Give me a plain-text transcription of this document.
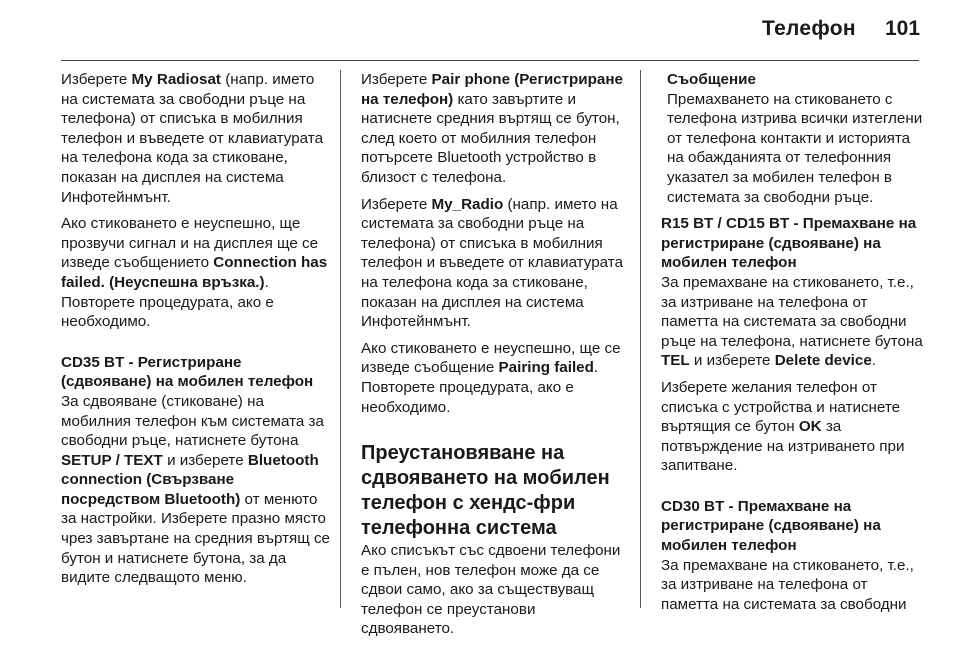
Телефон 101

Изберете My Radiosat (напр. името на системата за свободни ръце на телефона) от списъка в мобилния телефон и въведете от клавиатурата на телефона кода за стиковане, показан на дисплея на система Инфотейнмънт.

Ако стиковането е неуспешно, ще прозвучи сигнал и на дисплея ще се изведе съобщението Connection has failed. (Неуспешна връзка.). Повторете процедурата, ако е необходимо.

CD35 BT - Регистриране (сдвояване) на мобилен телефон

За сдвояване (стиковане) на мобилния телефон към системата за свободни ръце, натиснете бутона SETUP / TEXT и изберете Bluetooth connection (Свързване посредством Bluetooth) от менюто за настройки. Изберете празно място чрез завъртане на средния въртящ се бутон и натиснете бутона, за да видите следващото меню.

Изберете Pair phone (Регистриране на телефон) като завъртите и натиснете средния въртящ се бутон, след което от мобилния телефон потърсете Bluetooth устройство в близост с телефона.

Изберете My_Radio (напр. името на системата за свободни ръце на телефона) от списъка в мобилния телефон и въведете от клавиатурата на телефона кода за стиковане, показан на дисплея на система Инфотейнмънт.

Ако стиковането е неуспешно, ще се изведе съобщение Pairing failed. Повторете процедурата, ако е необходимо.

Преустановяване на сдвояването на мобилен телефон с хендс-фри телефонна система

Ако списъкът със сдвоени телефони е пълен, нов телефон може да се сдвои само, ако за съществуващ телефон се преустанови сдвояването.

Съобщение

Премахването на стиковането с телефона изтрива всички изтеглени от телефона контакти и историята на обажданията от телефонния указател за мобилен телефон в системата за свободни ръце.

R15 BT / CD15 BT - Премахване на регистриране (сдвояване) на мобилен телефон

За премахване на стиковането, т.е., за изтриване на телефона от паметта на системата за свободни ръце на телефона, натиснете бутона TEL и изберете Delete device.

Изберете желания телефон от списъка с устройства и натиснете въртящия се бутон OK за потвърждение на изтриването при запитване.

CD30 BT - Премахване на регистриране (сдвояване) на мобилен телефон

За премахване на стиковането, т.е., за изтриване на телефона от паметта на системата за свободни
